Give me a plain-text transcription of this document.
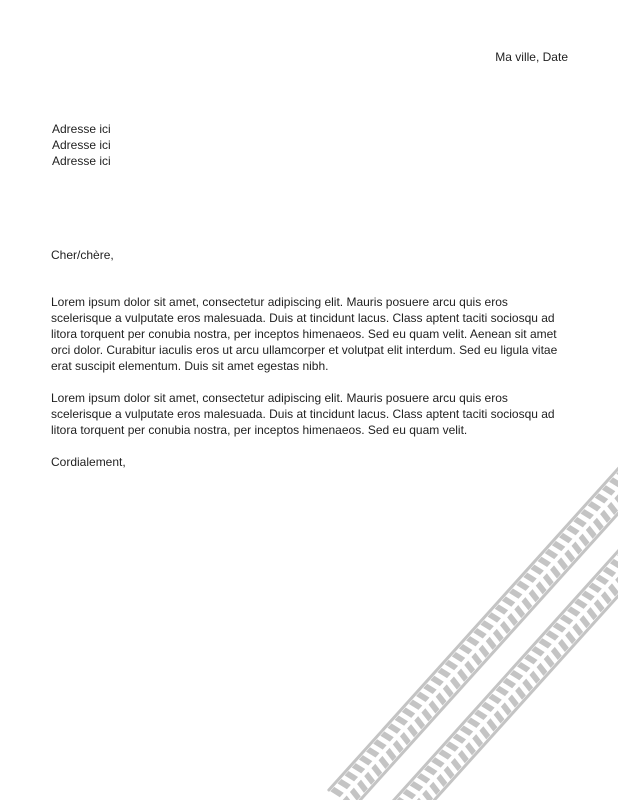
Ma ville, Date
Adresse ici
Adresse ici
Adresse ici
Cher/chère,

Lorem ipsum dolor sit amet, consectetur adipiscing elit. Mauris posuere arcu quis eros scelerisque a vulputate eros malesuada. Duis at tincidunt lacus. Class aptent taciti sociosqu ad litora torquent per conubia nostra, per inceptos himenaeos. Sed eu quam velit. Aenean sit amet orci dolor. Curabitur iaculis eros ut arcu ullamcorper et volutpat elit interdum. Sed eu ligula vitae erat suscipit elementum. Duis sit amet egestas nibh.

Lorem ipsum dolor sit amet, consectetur adipiscing elit. Mauris posuere arcu quis eros scelerisque a vulputate eros malesuada. Duis at tincidunt lacus. Class aptent taciti sociosqu ad litora torquent per conubia nostra, per inceptos himenaeos. Sed eu quam velit.

Cordialement,
